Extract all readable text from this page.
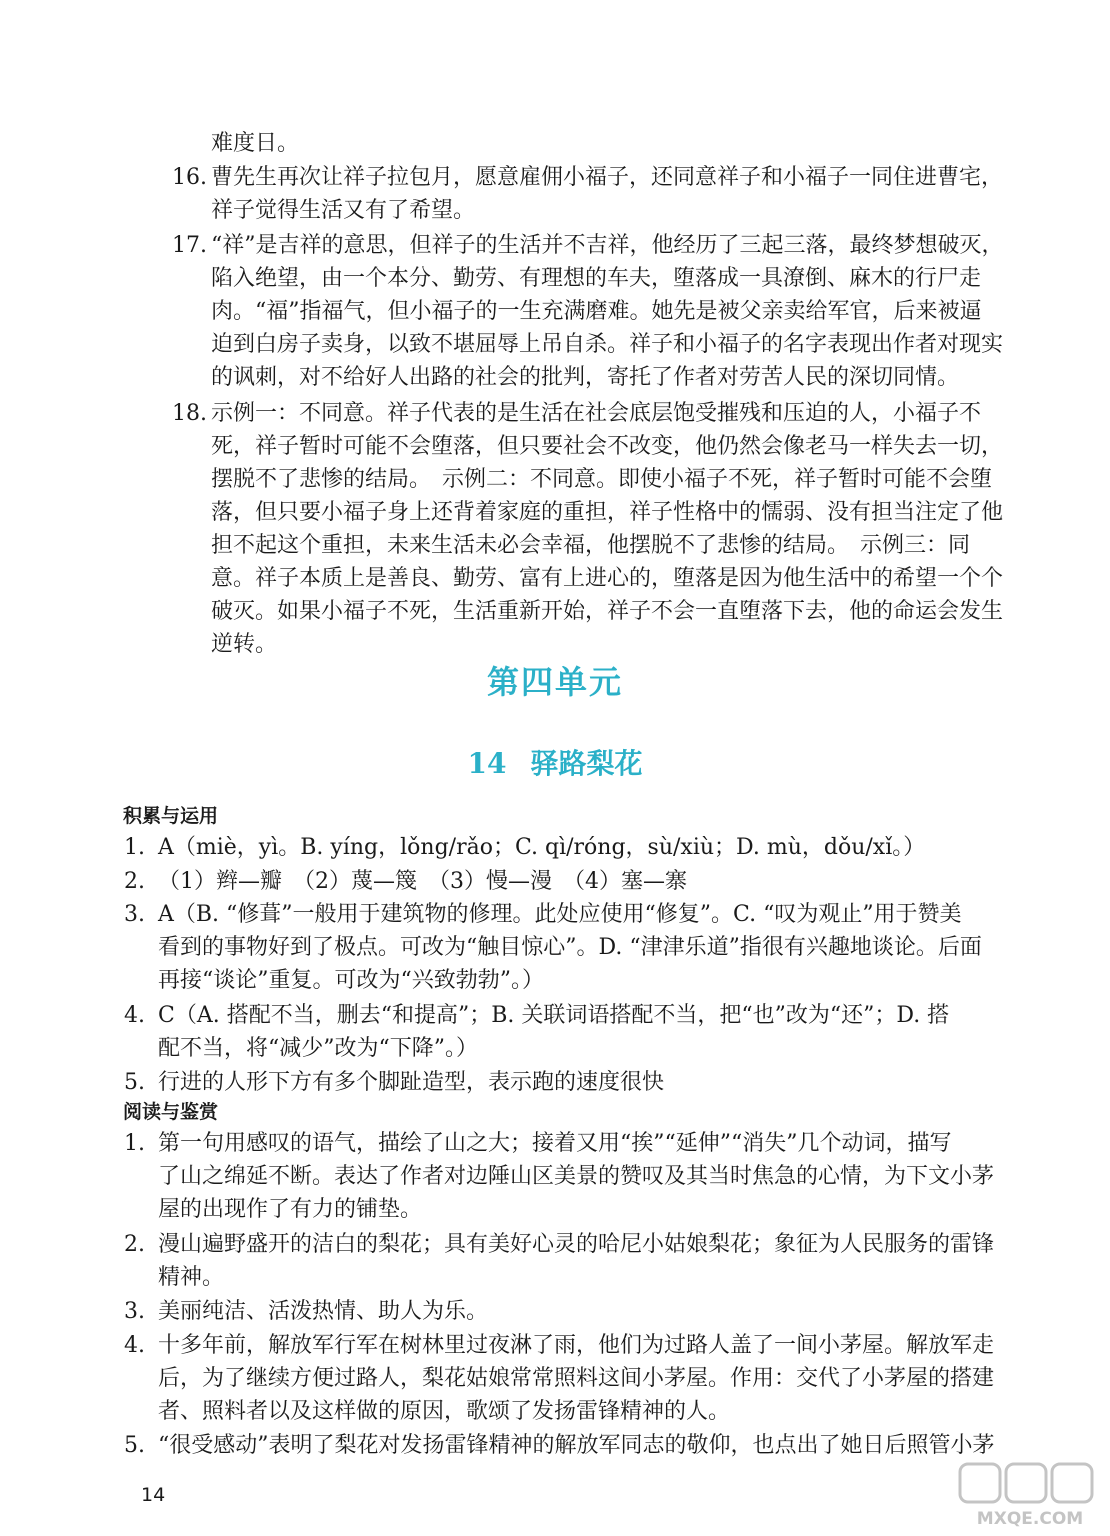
难度日。
16. 曹先生再次让祥子拉包月，愿意雇佣小福子，还同意祥子和小福子一同住进曹宅，
祥子觉得生活又有了希望。
17. “祥”是吉祥的意思，但祥子的生活并不吉祥，他经历了三起三落，最终梦想破灭，
陷入绝望，由一个本分、勤劳、有理想的车夫，堕落成一具潦倒、麻木的行尸走
肉。“福”指福气，但小福子的一生充满磨难。她先是被父亲卖给军官，后来被逼
迫到白房子卖身，以致不堪屈辱上吊自杀。祥子和小福子的名字表现出作者对现实
的讽刺，对不给好人出路的社会的批判，寄托了作者对劳苦人民的深切同情。
18. 示例一：不同意。祥子代表的是生活在社会底层饱受摧残和压迫的人，小福子不
死，祥子暂时可能不会堕落，但只要社会不改变，他仍然会像老马一样失去一切，
摆脱不了悲惨的结局。　示例二：不同意。即使小福子不死，祥子暂时可能不会堕
落，但只要小福子身上还背着家庭的重担，祥子性格中的懦弱、没有担当注定了他
担不起这个重担，未来生活未必会幸福，他摆脱不了悲惨的结局。　示例三：同
意。祥子本质上是善良、勤劳、富有上进心的，堕落是因为他生活中的希望一个个
破灭。如果小福子不死，生活重新开始，祥子不会一直堕落下去，他的命运会发生
逆转。
第四单元
14 驿路梨花
积累与运用
1. A（miè，yì。B. yíng，lǒng/rǎo；C. qì/róng，sù/xiù；D. mù，dǒu/xǐ。）
2. （1）辫—瓣　（2）蔑—篾　（3）慢—漫　（4）塞—寨
3. A（B. “修葺”一般用于建筑物的修理。此处应使用“修复”。C. “叹为观止”用于赞美
看到的事物好到了极点。可改为“触目惊心”。D. “津津乐道”指很有兴趣地谈论。后面
再接“谈论”重复。可改为“兴致勃勃”。）
4. C（A. 搭配不当，删去“和提高”；B. 关联词语搭配不当，把“也”改为“还”；D. 搭
配不当，将“减少”改为“下降”。）
5. 行进的人形下方有多个脚趾造型，表示跑的速度很快
阅读与鉴赏
1. 第一句用感叹的语气，描绘了山之大；接着又用“挨”“延伸”“消失”几个动词，描写
了山之绵延不断。表达了作者对边陲山区美景的赞叹及其当时焦急的心情，为下文小茅
屋的出现作了有力的铺垫。
2. 漫山遍野盛开的洁白的梨花；具有美好心灵的哈尼小姑娘梨花；象征为人民服务的雷锋
精神。
3. 美丽纯洁、活泼热情、助人为乐。
4. 十多年前，解放军行军在树林里过夜淋了雨，他们为过路人盖了一间小茅屋。解放军走
后，为了继续方便过路人，梨花姑娘常常照料这间小茅屋。作用：交代了小茅屋的搭建
者、照料者以及这样做的原因，歌颂了发扬雷锋精神的人。
5. “很受感动”表明了梨花对发扬雷锋精神的解放军同志的敬仰，也点出了她日后照管小茅
14
MXQE.COM
